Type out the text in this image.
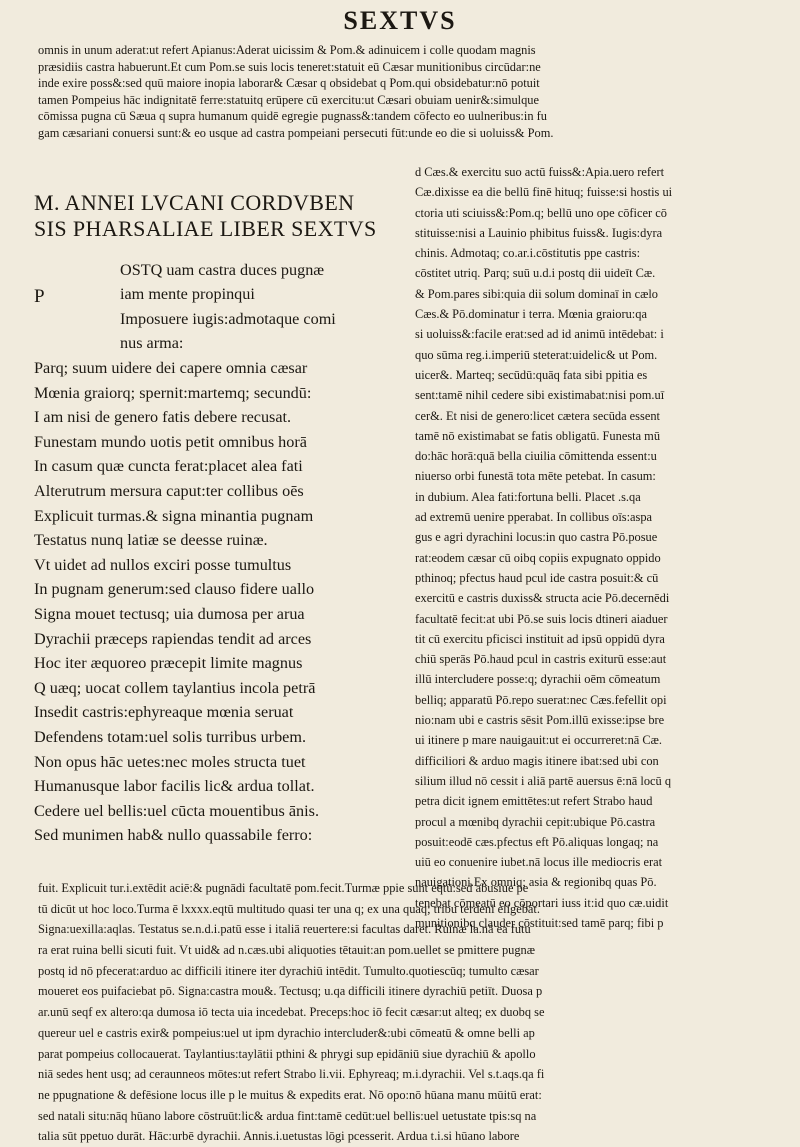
SEXTVS
omnis in unum aderat:ut refert Apianus:Aderat uicissim & Pom.& adinuicem i colle quodam magnis
præsidiis castra habuerunt.Et cum Pom.se suis locis teneret:statuit eū Cæsar munitionibus circūdar:ne
inde exire poss&:sed quū maiore inopia laborar& Cæsar q obsidebat q Pom.qui obsidebatur:nō potuit
tamen Pompeius hāc indignitatē ferre:statuitq erūpere cū exercitu:ut Cæsari obuiam uenir&:simulque
cōmissa pugna cū Sæua q supra humanum quidē egregie pugnass&:tandem cōfecto eo uulneribus:in fu
gam cæsariani conuersi sunt:& eo usque ad castra pompeiani persecuti fūt:unde eo die si uoluiss& Pom.
M. ANNEI LVCANI CORDVBEN
SIS PHARSALIAE LIBER SEXTVS
OSTQ uam castra duces pugnæ
iam mente propinqui
Imposuere iugis:admotaque comi
nus arma:
P
Parq; suum uidere dei capere omnia cæsar
Mœnia graiorq; spernit:martemq; secundū:
I am nisi de genero fatis debere recusat.
Funestam mundo uotis petit omnibus horā
In casum quæ cuncta ferat:placet alea fati
Alterutrum mersura caput:ter collibus oēs
Explicuit turmas.& signa minantia pugnam
Testatus nunq latiæ se deesse ruinæ.
Vt uidet ad nullos exciri posse tumultus
In pugnam generum:sed clauso fidere uallo
Signa mouet tectusq; uia dumosa per arua
Dyrachii præceps rapiendas tendit ad arces
Hoc iter æquoreo præcepit limite magnus
Q uæq; uocat collem taylantius incola petrā
Insedit castris:ephyreaque mœnia seruat
Defendens totam:uel solis turribus urbem.
Non opus hāc uetes:nec moles structa tuet
Humanusque labor facilis lic& ardua tollat.
Cedere uel bellis:uel cūcta mouentibus ānis.
Sed munimen hab& nullo quassabile ferro:
d Cæs.& exercitu suo actū fuiss&:Apia.uero refert
Cæ.dixisse ea die bellū finē hituq; fuisse:si hostis ui
ctoria uti sciuiss&:Pom.q; bellū uno ope cōficer cō
stituisse:nisi a Lauinio phibitus fuiss&. Iugis:dyra
chinis. Admotaq; co.ar.i.cōstitutis ppe castris:
cōstitet utriq. Parq; suū u.d.i postq dii uideīt Cæ.
& Pom.pares sibi:quia dii solum dominaī in cælo
Cæs.& Pō.dominatur i terra. Mœnia graioru:qa
si uoluiss&:facile erat:sed ad id animū intēdebat: i
quo sūma reg.i.imperiū steterat:uidelic& ut Pom.
uicer&. Marteq; secūdū:quāq fata sibi ppitia es
sent:tamē nihil cedere sibi existimabat:nisi pom.uī
cer&. Et nisi de genero:licet cætera secūda essent
tamē nō existimabat se fatis obligatū. Funesta mū
do:hāc horā:quā bella ciuilia cōmittenda essent:u
niuerso orbi funestā tota mēte petebat. In casum:
in dubium. Alea fati:fortuna belli. Placet .s.qa
ad extremū uenire pperabat. In collibus oīs:aspa
gus e agri dyrachini locus:in quo castra Pō.posue
rat:eodem cæsar cū oibq copiis expugnato oppido
pthinoq; pfectus haud pcul ide castra posuit:& cū
exercitū e castris duxiss& structa acie Pō.decernēdi
facultatē fecit:at ubi Pō.se suis locis dtineri aiaduer
tit cū exercitu pficisci instituit ad ipsū oppidū dyra
chiū sperās Pō.haud pcul in castris exiturū esse:aut
illū intercludere posse:q; dyrachii oēm cōmeatum
belliq; apparatū Pō.repo suerat:nec Cæs.fefellit opi
nio:nam ubi e castris sēsit Pom.illū exisse:ipse bre
ui itinere p mare nauigauit:ut ei occurreret:nā Cæ.
difficiliori & arduo magis itinere ibat:sed ubi con
silium illud nō cessit i aliā partē auersus ē:nā locū q
petra dicit ignem emittētes:ut refert Strabo haud
procul a mœnibq dyrachii cepit:ubique Pō.castra
posuit:eodē cæs.pfectus eft Pō.aliquas longaq; na
uiū eo conuenire iubet.nā locus ille mediocris erat
nauigationi.Ex omniq; asia & regionibq quas Pō.
tenebat cōmeatū eo cōportari iuss it:id quo cæ.uidit
munitionibq clauder cōstituit:sed tamē parq; fibi p
fuit. Explicuit tur.i.extēdit aciē:& pugnādi facultatē pom.fecit.Turmæ ppie sunt eqtū:sed abusiue pe
tū dicūt ut hoc loco.Turma ē lxxxx.eqtū multitudo quasi ter una q; ex una quaq; tribu terdeni eligebāt.
Signa:uexilla:aqlas. Testatus se.n.d.i.patū esse i italiā reuertere:si facultas daret. Ruinæ la.nā ea futu
ra erat ruina belli sicuti fuit. Vt uid& ad n.cæs.ubi aliquoties tētauit:an pom.uellet se pmittere pugnæ
postq id nō pfecerat:arduo ac difficili itinere iter dyrachiū intēdit. Tumulto.quotiescūq; tumulto cæsar
moueret eos puifaciebat pō. Signa:castra mou&. Tectusq; u.qa difficili itinere dyrachiū petiīt. Duosa p
ar.unū seqf ex altero:qa dumosa iō tecta uia incedebat. Preceps:hoc iō fecit cæsar:ut alteq; ex duobq se
quereur uel e castris exir& pompeius:uel ut ipm dyrachio intercluder&:ubi cōmeatū & omne belli ap
parat pompeius collocauerat. Taylantius:taylātii pthini & phrygi sup epidāniū siue dyrachiū & apollo
niā sedes hent usq; ad ceraunneos mōtes:ut refert Strabo li.vii. Ephyreaq; m.i.dyrachii. Vel s.t.aqs.qa fi
ne ppugnatione & defēsione locus ille p le muitus & expedits erat. Nō opo:nō hūana manu mūitū erat:
sed natali situ:nāq hūano labore cōstruūt:lic& ardua fint:tamē cedūt:uel bellis:uel uetustate tpis:sq na
talia sūt ppetuo durāt. Hāc:urbē dyrachii. Annis.i.uetustas lōgi pcesserit. Ardua t.i.si hūano labore
